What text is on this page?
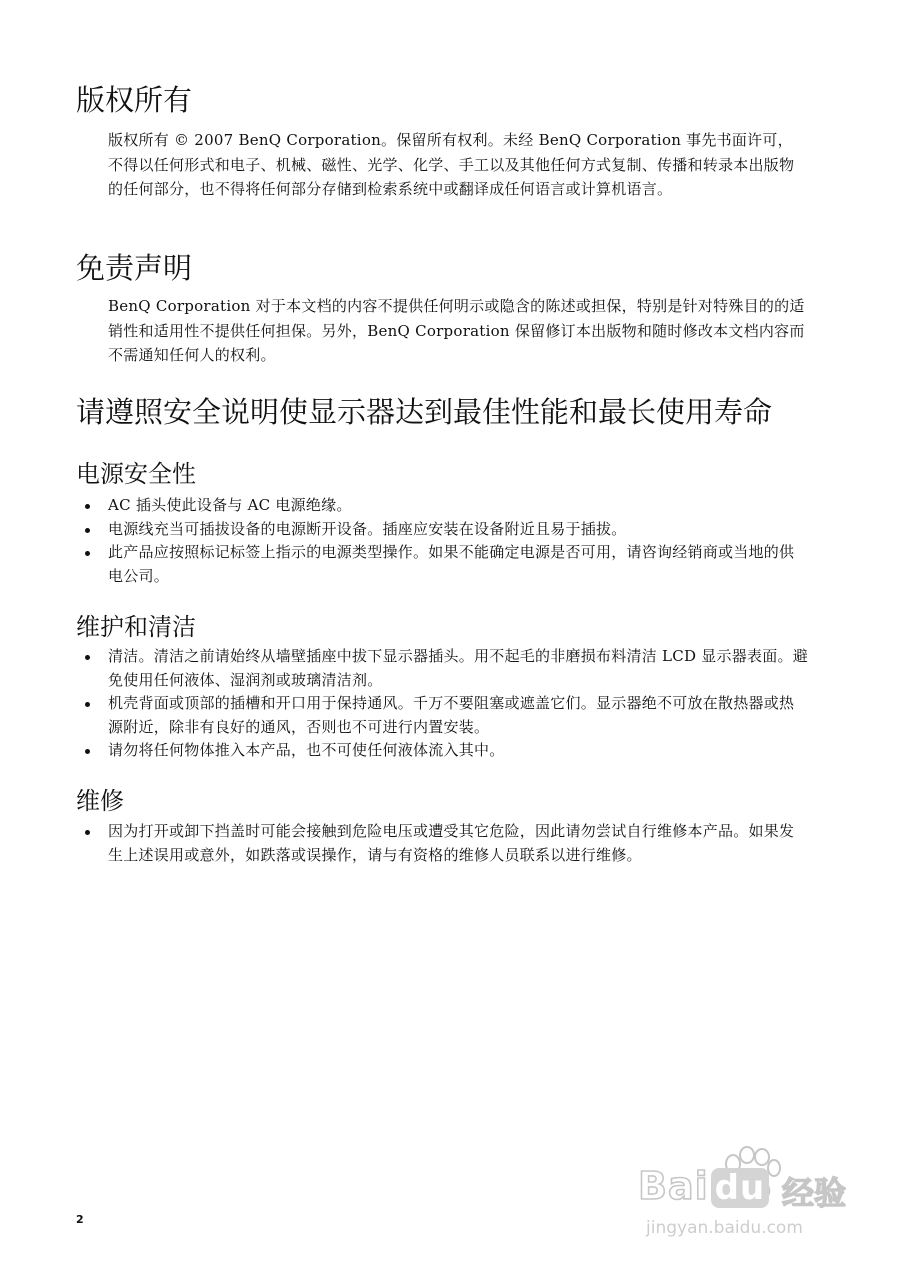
版权所有

版权所有 © 2007 BenQ Corporation。保留所有权利。未经 BenQ Corporation 事先书面许可，不得以任何形式和电子、机械、磁性、光学、化学、手工以及其他任何方式复制、传播和转录本出版物的任何部分，也不得将任何部分存储到检索系统中或翻译成任何语言或计算机语言。

免责声明

BenQ Corporation 对于本文档的内容不提供任何明示或隐含的陈述或担保，特别是针对特殊目的的适销性和适用性不提供任何担保。另外，BenQ Corporation 保留修订本出版物和随时修改本文档内容而不需通知任何人的权利。

请遵照安全说明使显示器达到最佳性能和最长使用寿命
电源安全性
AC 插头使此设备与 AC 电源绝缘。
电源线充当可插拔设备的电源断开设备。插座应安装在设备附近且易于插拔。
此产品应按照标记标签上指示的电源类型操作。如果不能确定电源是否可用，请咨询经销商或当地的供电公司。
维护和清洁
清洁。清洁之前请始终从墙壁插座中拔下显示器插头。用不起毛的非磨损布料清洁 LCD 显示器表面。避免使用任何液体、湿润剂或玻璃清洁剂。
机壳背面或顶部的插槽和开口用于保持通风。千万不要阻塞或遮盖它们。显示器绝不可放在散热器或热源附近，除非有良好的通风，否则也不可进行内置安装。
请勿将任何物体推入本产品，也不可使任何液体流入其中。
维修
因为打开或卸下挡盖时可能会接触到危险电压或遭受其它危险，因此请勿尝试自行维修本产品。如果发生上述误用或意外，如跌落或误操作，请与有资格的维修人员联系以进行维修。
2
Bai du 经验
jingyan.baidu.com
